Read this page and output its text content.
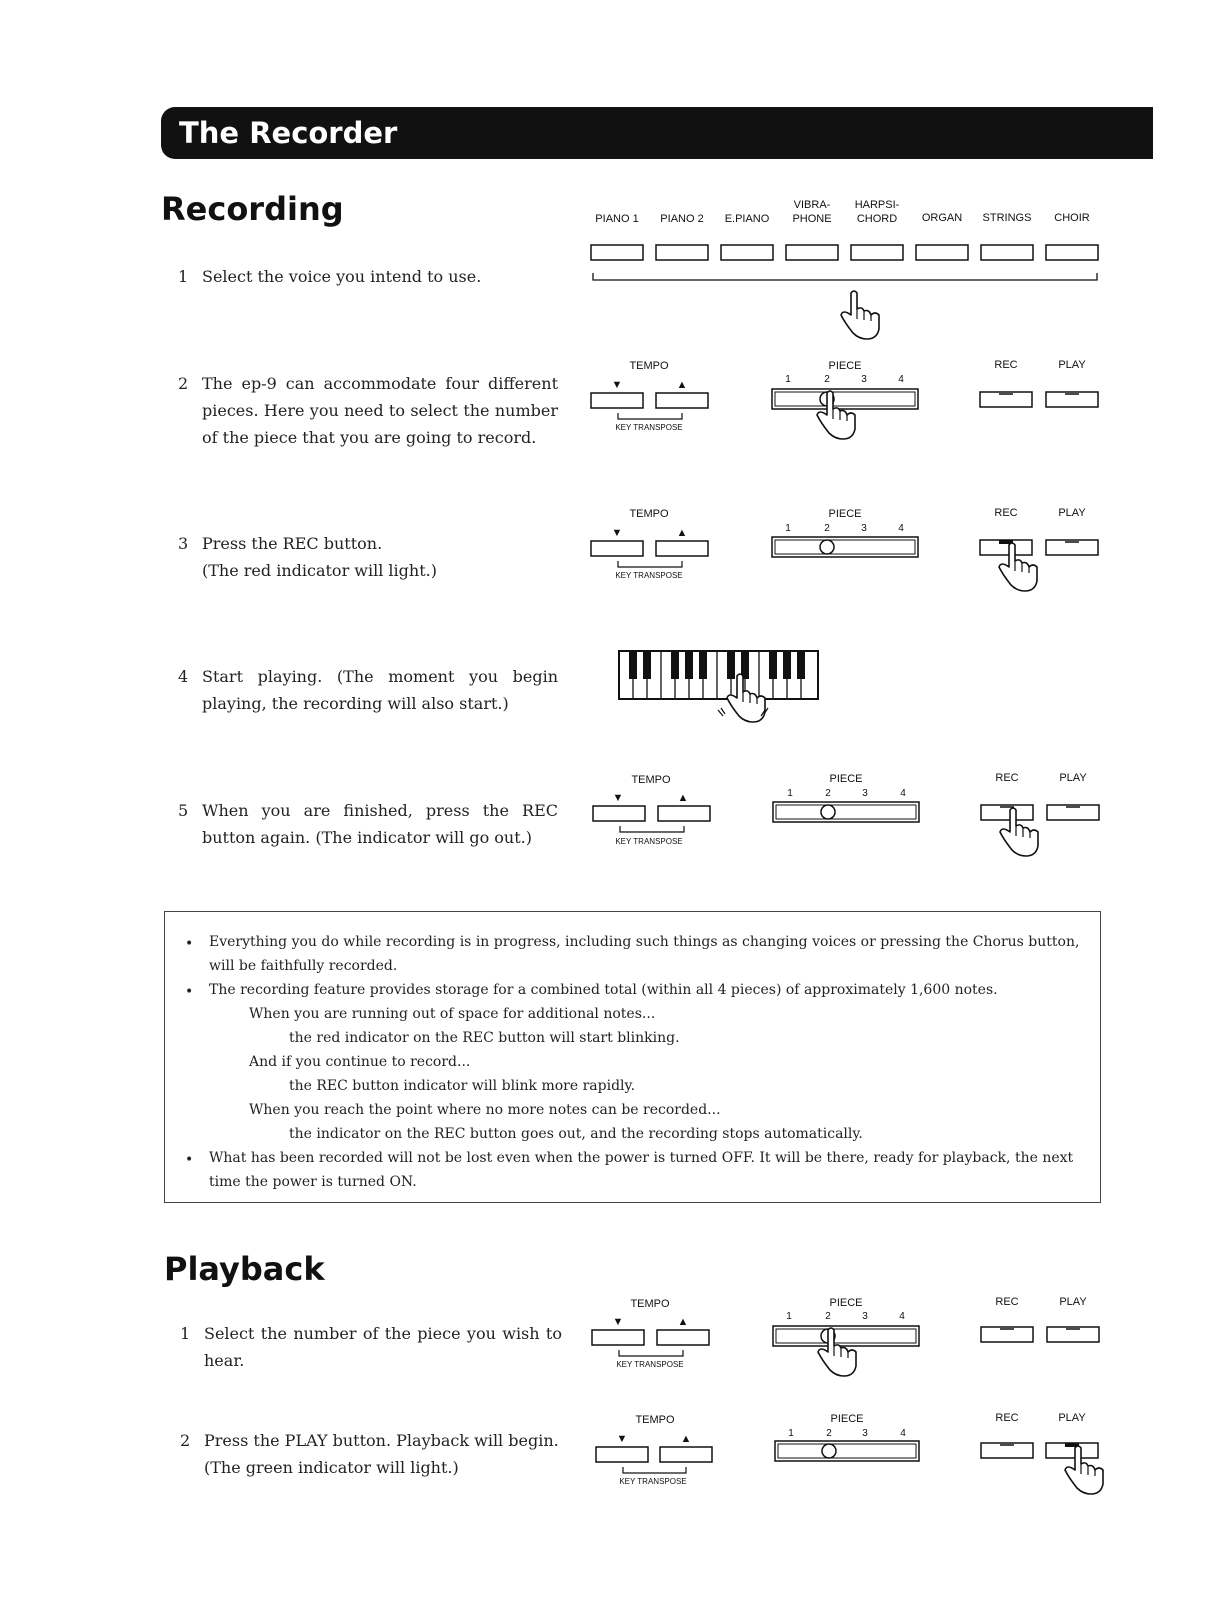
The Recorder
Recording
1 Select the voice you intend to use.
2 The ep-9 can accommodate four different pieces. Here you need to select the number of the piece that you are going to record.
3 Press the REC button.
(The red indicator will light.)
4 Start playing. (The moment you begin playing, the recording will also start.)
5 When you are finished, press the REC button again. (The indicator will go out.)
PIANO 1 PIANO 2 E.PIANO
VIBRA-
PHONE
HARPSI-
CHORD ORGAN STRINGS CHOIR
TEMPO
▼	▲
KEY TRANSPOSE
PIECE
1	2	3	4
REC	PLAY
TEMPO
▼	▲
KEY TRANSPOSE
PIECE
1	2	3	4
REC	PLAY
TEMPO
▼	▲
KEY TRANSPOSE
PIECE
1	2	3	4
REC	PLAY
• Everything you do while recording is in progress, including such things as changing voices or pressing the Chorus button, will be faithfully recorded.
• The recording feature provides storage for a combined total (within all 4 pieces) of approximately 1,600 notes.
When you are running out of space for additional notes...
the red indicator on the REC button will start blinking.
And if you continue to record...
the REC button indicator will blink more rapidly.
When you reach the point where no more notes can be recorded...
the indicator on the REC button goes out, and the recording stops automatically.
• What has been recorded will not be lost even when the power is turned OFF. It will be there, ready for playback, the next time the power is turned ON.
Playback
1 Select the number of the piece you wish to hear.
2 Press the PLAY button. Playback will begin.
(The green indicator will light.)
TEMPO
▼	▲
KEY TRANSPOSE
PIECE
1	2	3	4
REC	PLAY
TEMPO
▼	▲
KEY TRANSPOSE
PIECE
1	2	3	4
REC	PLAY
